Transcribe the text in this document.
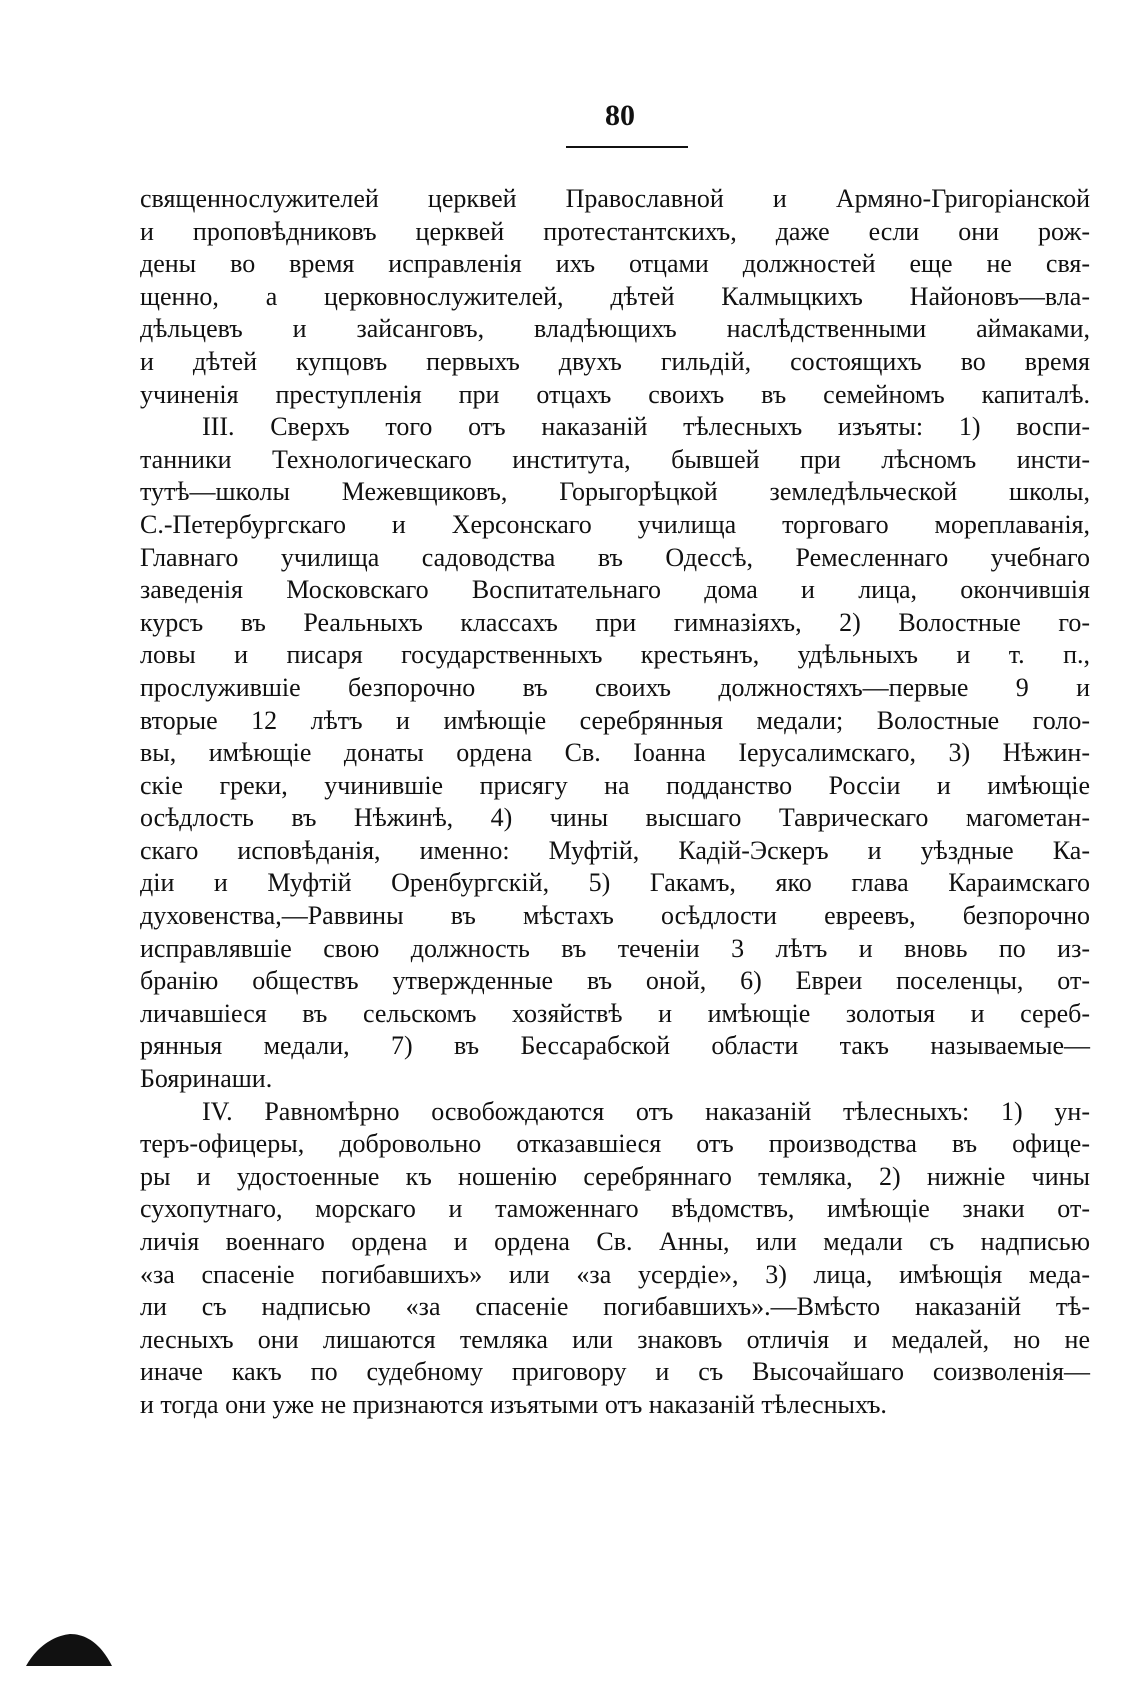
80
священнослужителей церквей Православной и Армяно-Григоріанской
и проповѣдниковъ церквей протестантскихъ, даже если они рож-
дены во время исправленія ихъ отцами должностей еще не свя-
щенно, а церковнослужителей, дѣтей Калмыцкихъ Найоновъ—вла-
дѣльцевъ и зайсанговъ, владѣющихъ наслѣдственными аймаками,
и дѣтей купцовъ первыхъ двухъ гильдій, состоящихъ во время
учиненія преступленія при отцахъ своихъ въ семейномъ капиталѣ.
III. Сверхъ того отъ наказаній тѣлесныхъ изъяты: 1) воспи-
танники Технологическаго института, бывшей при лѣсномъ инсти-
тутѣ—школы Межевщиковъ, Горыгорѣцкой земледѣльческой школы,
С.-Петербургскаго и Херсонскаго училища торговаго мореплаванія,
Главнаго училища садоводства въ Одессѣ, Ремесленнаго учебнаго
заведенія Московскаго Воспитательнаго дома и лица, окончившія
курсъ въ Реальныхъ классахъ при гимназіяхъ, 2) Волостные го-
ловы и писаря государственныхъ крестьянъ, удѣльныхъ и т. п.,
прослужившіе безпорочно въ своихъ должностяхъ—первые 9 и
вторые 12 лѣтъ и имѣющіе серебрянныя медали; Волостные голо-
вы, имѣющіе донаты ордена Св. Іоанна Іерусалимскаго, 3) Нѣжин-
скіе греки, учинившіе присягу на подданство Россіи и имѣющіе
осѣдлость въ Нѣжинѣ, 4) чины высшаго Таврическаго магометан-
скаго исповѣданія, именно: Муфтій, Кадій-Эскеръ и уѣздные Ка-
діи и Муфтій Оренбургскій, 5) Гакамъ, яко глава Караимскаго
духовенства,—Раввины въ мѣстахъ осѣдлости евреевъ, безпорочно
исправлявшіе свою должность въ теченіи 3 лѣтъ и вновь по из-
бранію обществъ утвержденные въ оной, 6) Евреи поселенцы, от-
личавшіеся въ сельскомъ хозяйствѣ и имѣющіе золотыя и сереб-
рянныя медали, 7) въ Бессарабской области такъ называемые—
Бояринаши.
IV. Равномѣрно освобождаются отъ наказаній тѣлесныхъ: 1) ун-
теръ-офицеры, добровольно отказавшіеся отъ производства въ офице-
ры и удостоенные къ ношенію серебряннаго темляка, 2) нижніе чины
сухопутнаго, морскаго и таможеннаго вѣдомствъ, имѣющіе знаки от-
личія военнаго ордена и ордена Св. Анны, или медали съ надписью
«за спасеніе погибавшихъ» или «за усердіе», 3) лица, имѣющія меда-
ли съ надписью «за спасеніе погибавшихъ».—Вмѣсто наказаній тѣ-
лесныхъ они лишаются темляка или знаковъ отличія и медалей, но не
иначе какъ по судебному приговору и съ Высочайшаго соизволенія—
и тогда они уже не признаются изъятыми отъ наказаній тѣлесныхъ.
